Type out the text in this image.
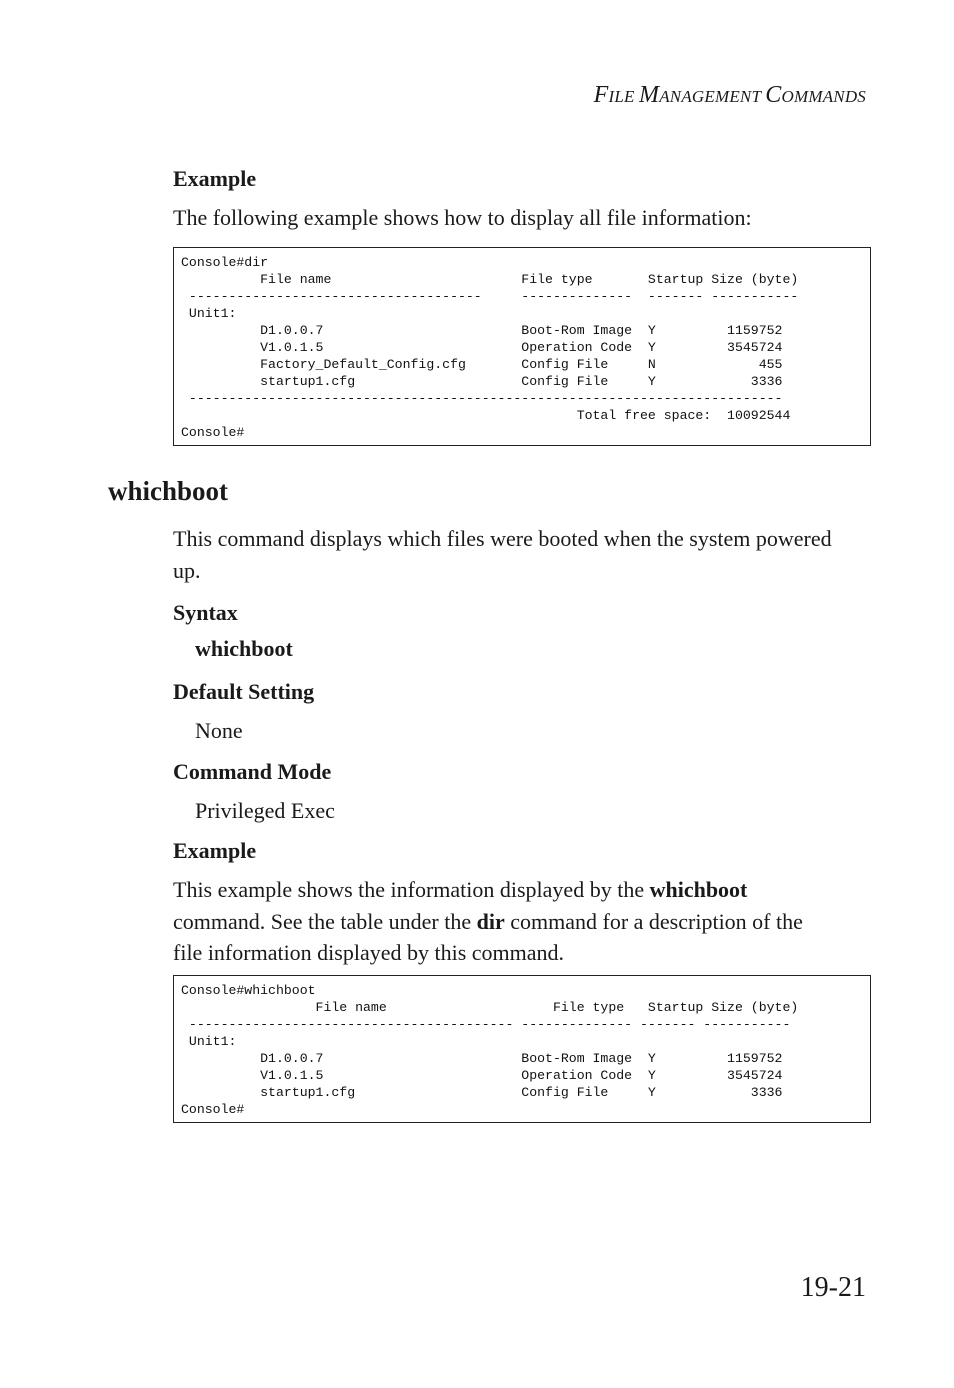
FILE MANAGEMENT COMMANDS
Example
The following example shows how to display all file information:
Console#dir
File name                        File type       Startup Size (byte)
-------------------------------------     --------------  ------- -----------
Unit1:
D1.0.0.7                         Boot-Rom Image  Y         1159752
V1.0.1.5                         Operation Code  Y         3545724
Factory_Default_Config.cfg       Config File     N             455
startup1.cfg                     Config File     Y            3336
---------------------------------------------------------------------------
Total free space:  10092544
Console#
whichboot
This command displays which files were booted when the system powered
up.
Syntax
whichboot
Default Setting
None
Command Mode
Privileged Exec
Example
This example shows the information displayed by the whichboot
command. See the table under the dir command for a description of the
file information displayed by this command.
Console#whichboot
File name                     File type   Startup Size (byte)
----------------------------------------- -------------- ------- -----------
Unit1:
D1.0.0.7                         Boot-Rom Image  Y         1159752
V1.0.1.5                         Operation Code  Y         3545724
startup1.cfg                     Config File     Y            3336
Console#
19-21
